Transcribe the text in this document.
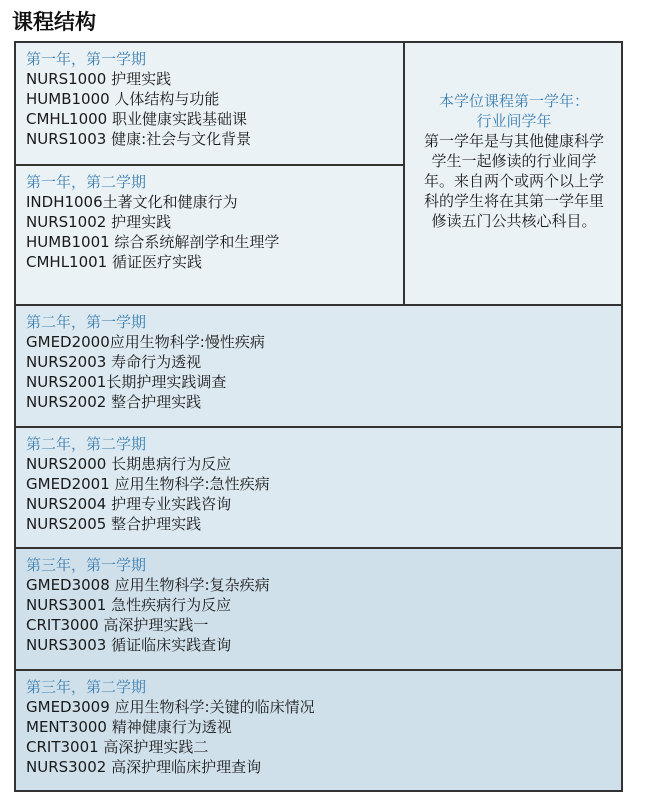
课程结构
第一年，第一学期
NURS1000 护理实践
HUMB1000 人体结构与功能
CMHL1000 职业健康实践基础课
NURS1003 健康:社会与文化背景
第一年，第二学期
INDH1006土著文化和健康行为
NURS1002 护理实践
HUMB1001 综合系统解剖学和生理学
CMHL1001 循证医疗实践
本学位课程第一学年：
行业间学年
第一学年是与其他健康科学学生一起修读的行业间学年。来自两个或两个以上学科的学生将在其第一学年里修读五门公共核心科目。
第二年，第一学期
GMED2000应用生物科学:慢性疾病
NURS2003 寿命行为透视
NURS2001长期护理实践调查
NURS2002 整合护理实践
第二年，第二学期
NURS2000 长期患病行为反应
GMED2001 应用生物科学:急性疾病
NURS2004 护理专业实践咨询
NURS2005 整合护理实践
第三年，第一学期
GMED3008 应用生物科学:复杂疾病
NURS3001 急性疾病行为反应
CRIT3000 高深护理实践一
NURS3003 循证临床实践查询
第三年，第二学期
GMED3009 应用生物科学:关键的临床情况
MENT3000 精神健康行为透视
CRIT3001 高深护理实践二
NURS3002 高深护理临床护理查询
